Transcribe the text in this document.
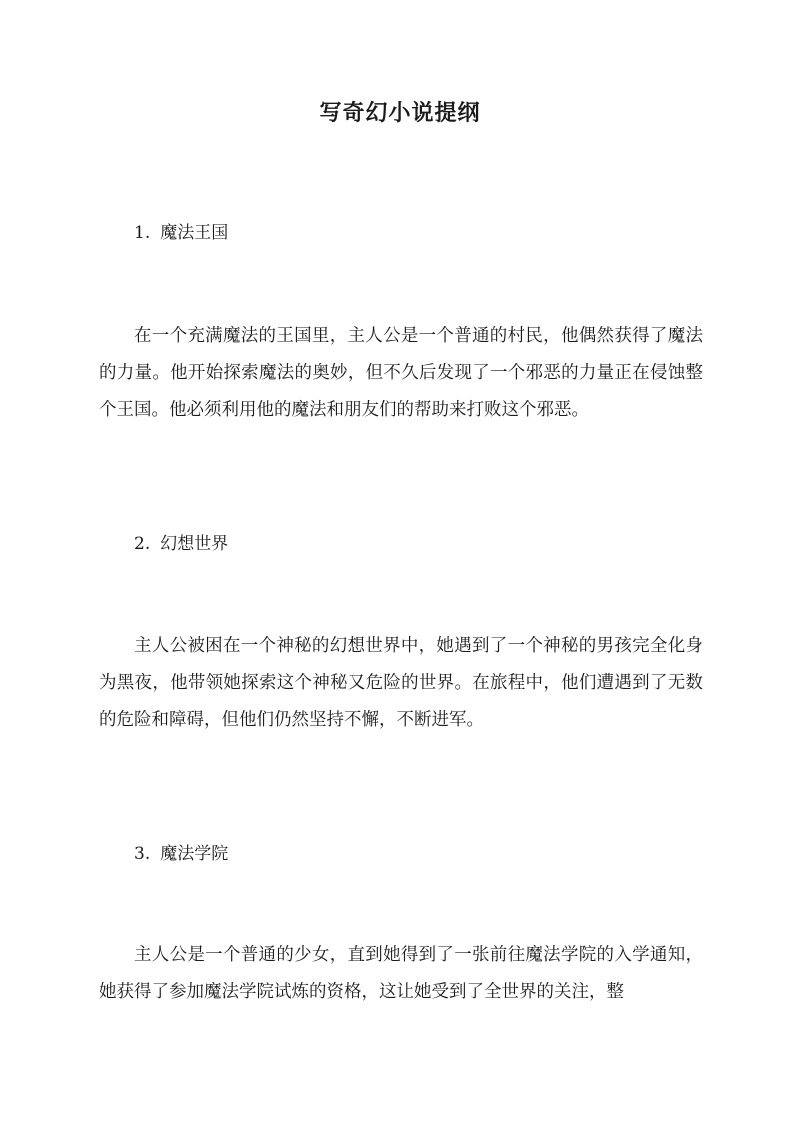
写奇幻小说提纲
1. 魔法王国

在一个充满魔法的王国里，主人公是一个普通的村民，他偶然获得了魔法的力量。他开始探索魔法的奥妙，但不久后发现了一个邪恶的力量正在侵蚀整个王国。他必须利用他的魔法和朋友们的帮助来打败这个邪恶。

2. 幻想世界

主人公被困在一个神秘的幻想世界中，她遇到了一个神秘的男孩完全化身为黑夜，他带领她探索这个神秘又危险的世界。在旅程中，他们遭遇到了无数的危险和障碍，但他们仍然坚持不懈，不断进军。

3. 魔法学院

主人公是一个普通的少女，直到她得到了一张前往魔法学院的入学通知，她获得了参加魔法学院试炼的资格，这让她受到了全世界的关注，整
